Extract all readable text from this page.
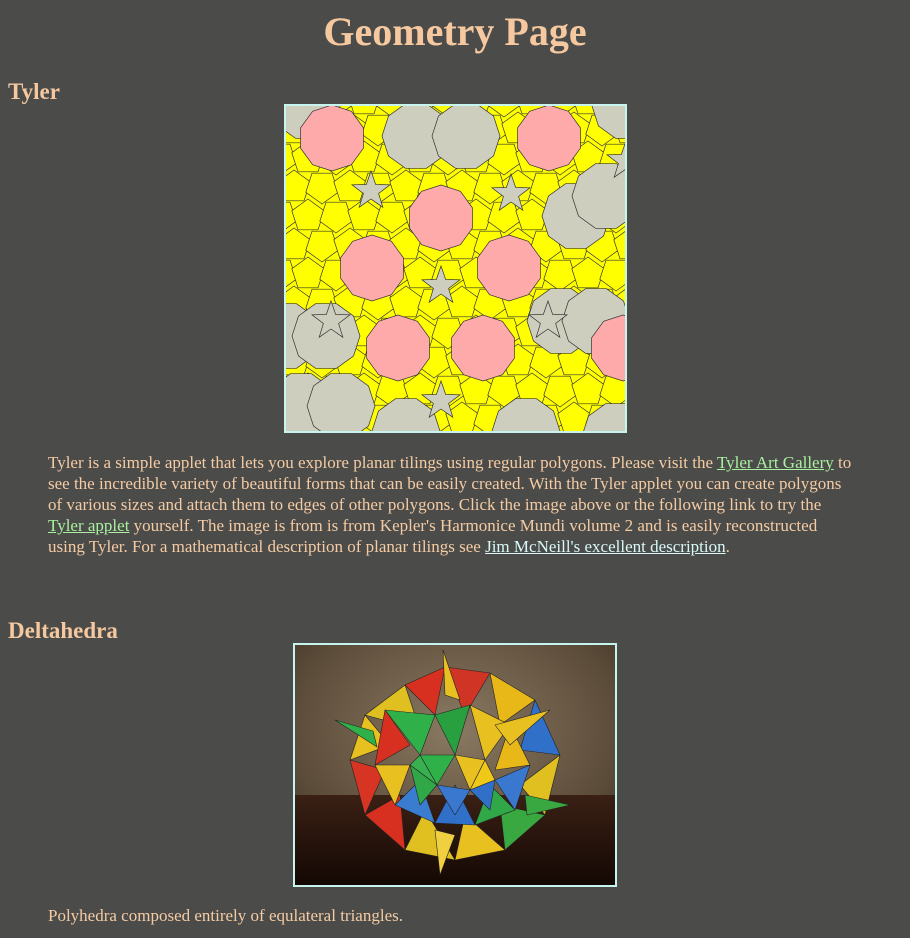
Geometry Page
Tyler

Tyler is a simple applet that lets you explore planar tilings using regular polygons. Please visit the Tyler Art Gallery to see the incredible variety of beautiful forms that can be easily created. With the Tyler applet you can create polygons of various sizes and attach them to edges of other polygons. Click the image above or the following link to try the Tyler applet yourself. The image is from is from Kepler's Harmonice Mundi volume 2 and is easily reconstructed using Tyler. For a mathematical description of planar tilings see Jim McNeill's excellent description.

Deltahedra

Polyhedra composed entirely of equlateral triangles.
